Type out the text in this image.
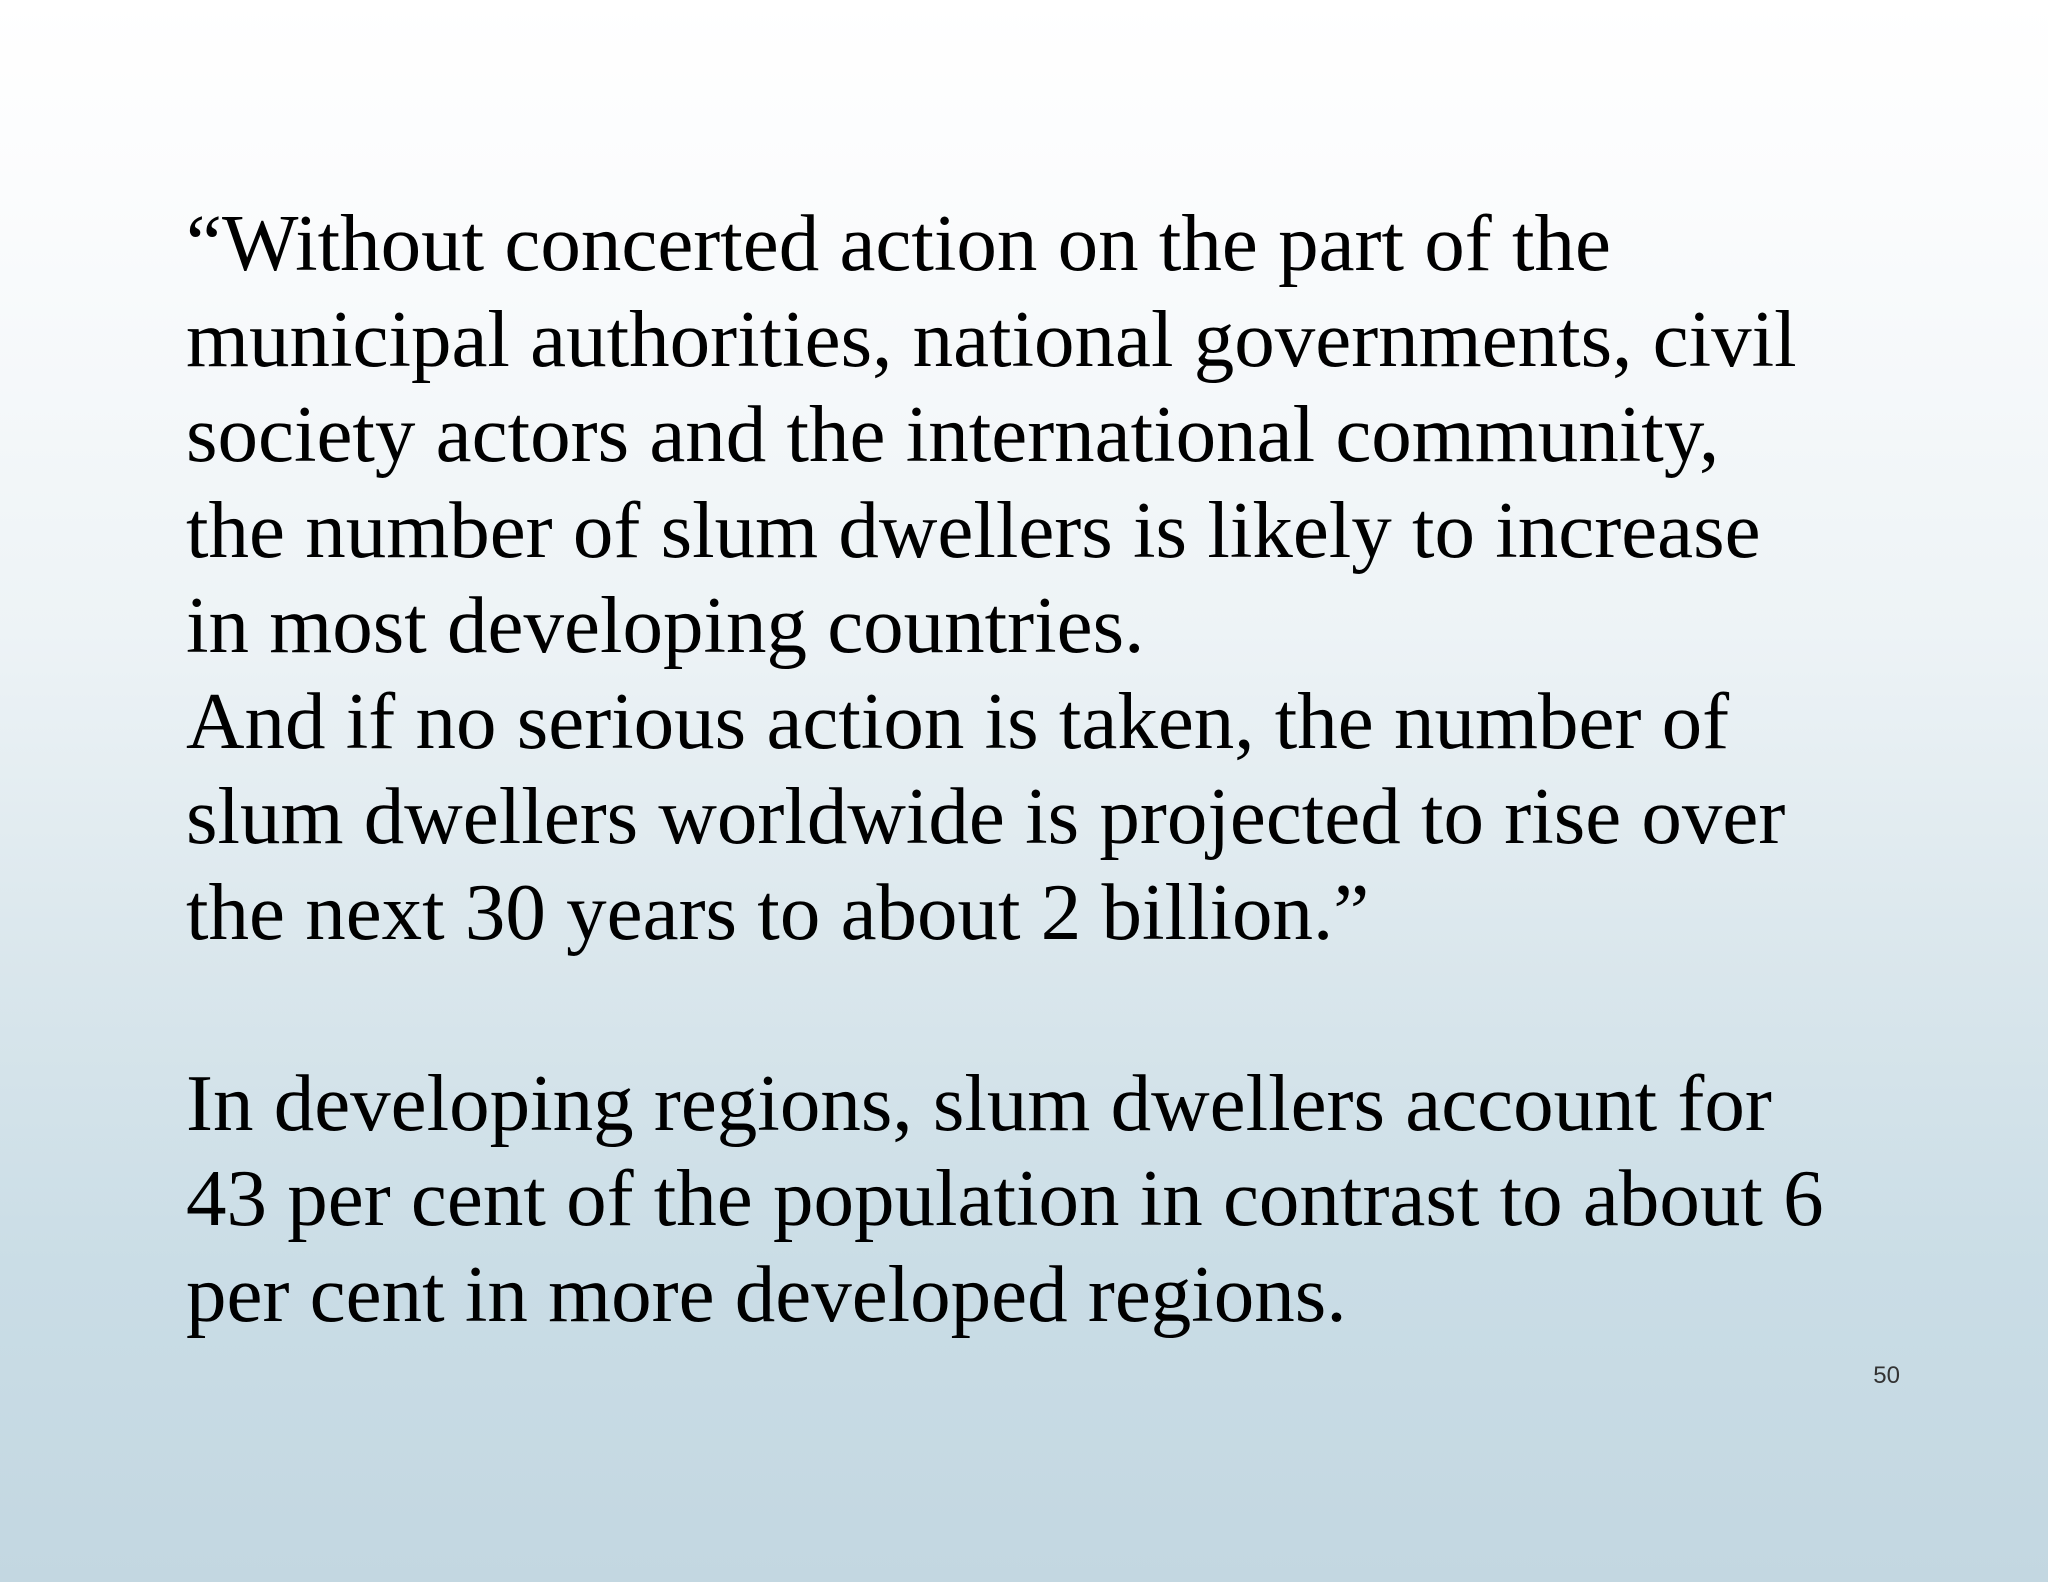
“Without concerted action on the part of the
municipal authorities, national governments, civil
society actors and the international community,
the number of slum dwellers is likely to increase
in most developing countries.
And if no serious action is taken, the number of
slum dwellers worldwide is projected to rise over
the next 30 years to about 2 billion.”

In developing regions, slum dwellers account for
43 per cent of the population in contrast to about 6
per cent in more developed regions.

50
